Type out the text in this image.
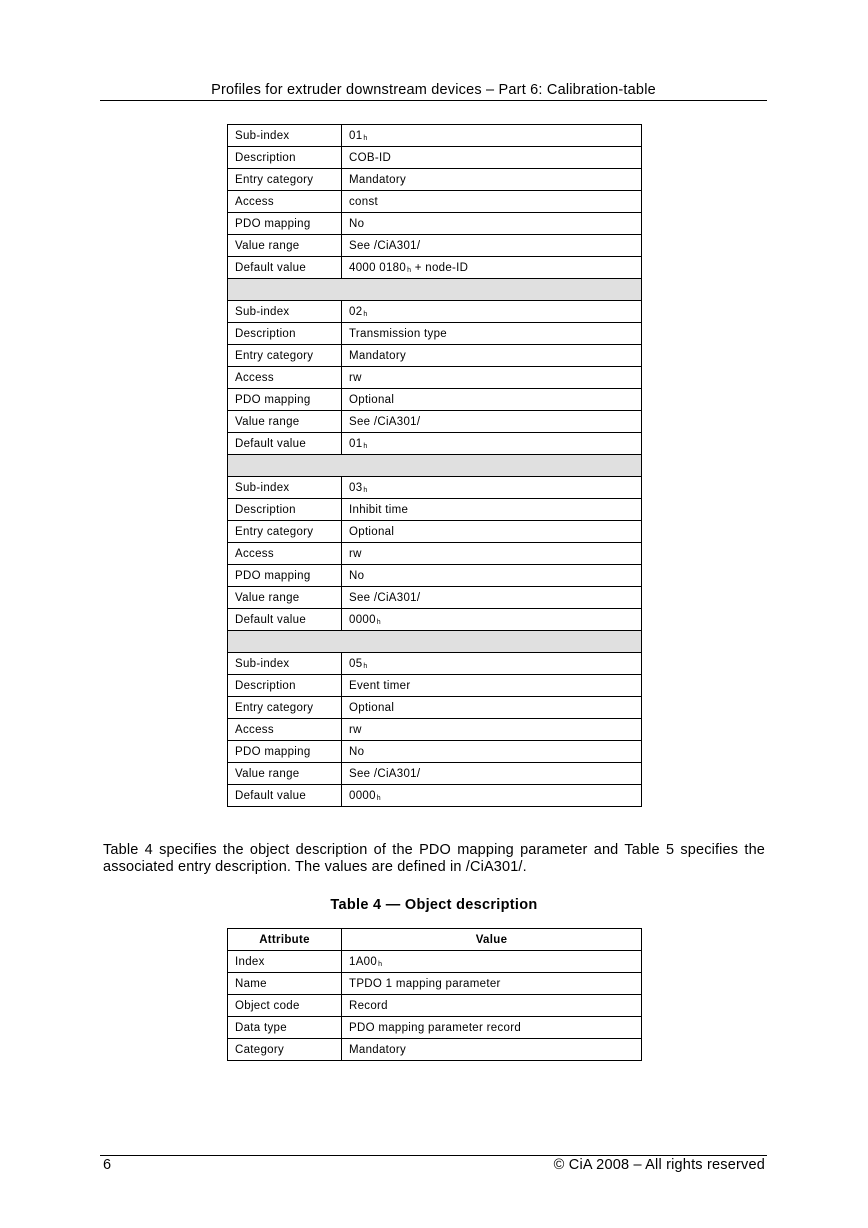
Profiles for extruder downstream devices – Part 6: Calibration-table
Sub-index	$01_h$
Description	COB-ID
Entry category	Mandatory
Access	const
PDO mapping	No
Value range	See /CiA301/
Default value	4000 $0180_h$ + node-ID

Sub-index	$02_h$
Description	Transmission type
Entry category	Mandatory
Access	rw
PDO mapping	Optional
Value range	See /CiA301/
Default value	$01_h$

Sub-index	$03_h$
Description	Inhibit time
Entry category	Optional
Access	rw
PDO mapping	No
Value range	See /CiA301/
Default value	$0000_h$

Sub-index	$05_h$
Description	Event timer
Entry category	Optional
Access	rw
PDO mapping	No
Value range	See /CiA301/
Default value	$0000_h$
Table 4 specifies the object description of the PDO mapping parameter and Table 5 specifies the associated entry description. The values are defined in /CiA301/.
Table 4 — Object description
Attribute	Value
Index	$1A00_h$
Name	TPDO 1 mapping parameter
Object code	Record
Data type	PDO mapping parameter record
Category	Mandatory
6	© CiA 2008 – All rights reserved
